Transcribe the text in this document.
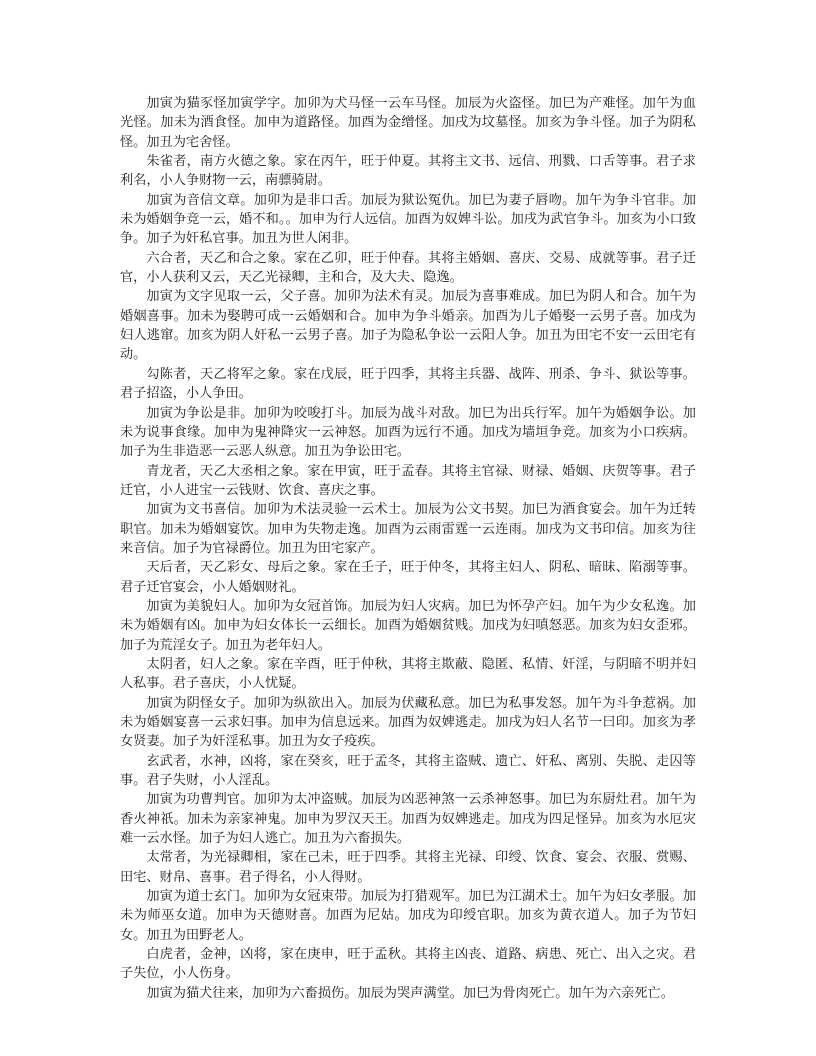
加寅为猫豕怪加寅学字。加卯为犬马怪一云车马怪。加辰为火盗怪。加巳为产难怪。加午为血光怪。加未为酒食怪。加申为道路怪。加酉为金缯怪。加戌为坟墓怪。加亥为争斗怪。加子为阴私怪。加丑为宅舍怪。

朱雀者，南方火德之象。家在丙午，旺于仲夏。其将主文书、远信、刑戮、口舌等事。君子求利名，小人争财物一云，南骠骑尉。

加寅为音信文章。加卯为是非口舌。加辰为狱讼冤仇。加巳为妻子唇吻。加午为争斗官非。加未为婚姻争竞一云，婚不和。。加申为行人远信。加酉为奴婢斗讼。加戌为武官争斗。加亥为小口致争。加子为奸私官事。加丑为世人闲非。

六合者，天乙和合之象。家在乙卯，旺于仲春。其将主婚姻、喜庆、交易、成就等事。君子迁官，小人获利又云，天乙光禄卿，主和合，及大夫、隐逸。

加寅为文字见取一云，父子喜。加卯为法术有灵。加辰为喜事难成。加巳为阴人和合。加午为婚姻喜事。加未为娶聘可成一云婚姻和合。加申为争斗婚亲。加酉为儿子婚娶一云男子喜。加戌为妇人逃窜。加亥为阴人奸私一云男子喜。加子为隐私争讼一云阳人争。加丑为田宅不安一云田宅有动。

勾陈者，天乙将军之象。家在戊辰，旺于四季，其将主兵器、战阵、刑杀、争斗、狱讼等事。君子招盗，小人争田。

加寅为争讼是非。加卯为咬唆打斗。加辰为战斗对敌。加巳为出兵行军。加午为婚姻争讼。加未为说事食缘。加申为鬼神降灾一云神怒。加酉为远行不通。加戌为墙垣争竞。加亥为小口疾病。加子为生非造恶一云恶人纵意。加丑为争讼田宅。

青龙者，天乙大丞相之象。家在甲寅，旺于孟春。其将主官禄、财禄、婚姻、庆贺等事。君子迁官，小人进宝一云钱财、饮食、喜庆之事。

加寅为文书喜信。加卯为术法灵验一云术士。加辰为公文书契。加巳为酒食宴会。加午为迁转职官。加未为婚姻宴饮。加申为失物走逸。加酉为云雨雷霆一云连雨。加戌为文书印信。加亥为往来音信。加子为官禄爵位。加丑为田宅家产。

天后者，天乙彩女、母后之象。家在壬子，旺于仲冬，其将主妇人、阴私、暗昧、陷溺等事。君子迁官宴会，小人婚姻财礼。

加寅为美貌妇人。加卯为女冠首饰。加辰为妇人灾病。加巳为怀孕产妇。加午为少女私逸。加未为婚姻有凶。加申为妇女体长一云细长。加酉为婚姻贫贱。加戌为妇嗔怒恶。加亥为妇女歪邪。加子为荒淫女子。加丑为老年妇人。

太阴者，妇人之象。家在辛酉，旺于仲秋，其将主欺蔽、隐匿、私情、奸淫，与阴暗不明并妇人私事。君子喜庆，小人忧疑。

加寅为阴怪女子。加卯为纵欲出入。加辰为伏藏私意。加巳为私事发怒。加午为斗争惹祸。加未为婚姻宴喜一云求妇事。加申为信息远来。加酉为奴婢逃走。加戌为妇人名节一曰印。加亥为孝女贤妻。加子为奸淫私事。加丑为女子疫疾。

玄武者，水神，凶将，家在癸亥，旺于孟冬，其将主盗贼、遗亡、奸私、离别、失脱、走囚等事。君子失财，小人淫乱。

加寅为功曹判官。加卯为太冲盗贼。加辰为凶恶神煞一云杀神怒事。加巳为东厨灶君。加午为香火神祇。加未为亲家神鬼。加申为罗汉天王。加酉为奴婢逃走。加戌为四足怪异。加亥为水厄灾难一云水怪。加子为妇人逃亡。加丑为六畜损失。

太常者，为光禄卿相，家在己未，旺于四季。其将主光禄、印绶、饮食、宴会、衣服、赏赐、田宅、财帛、喜事。君子得名，小人得财。

加寅为道士玄门。加卯为女冠束带。加辰为打猎观军。加巳为江湖术士。加午为妇女孝服。加未为师巫女道。加申为天德财喜。加酉为尼姑。加戌为印绶官职。加亥为黄衣道人。加子为节妇女。加丑为田野老人。

白虎者，金神，凶将，家在庚申，旺于孟秋。其将主凶丧、道路、病患、死亡、出入之灾。君子失位，小人伤身。

加寅为猫犬往来，加卯为六畜损伤。加辰为哭声满堂。加巳为骨肉死亡。加午为六亲死亡。
